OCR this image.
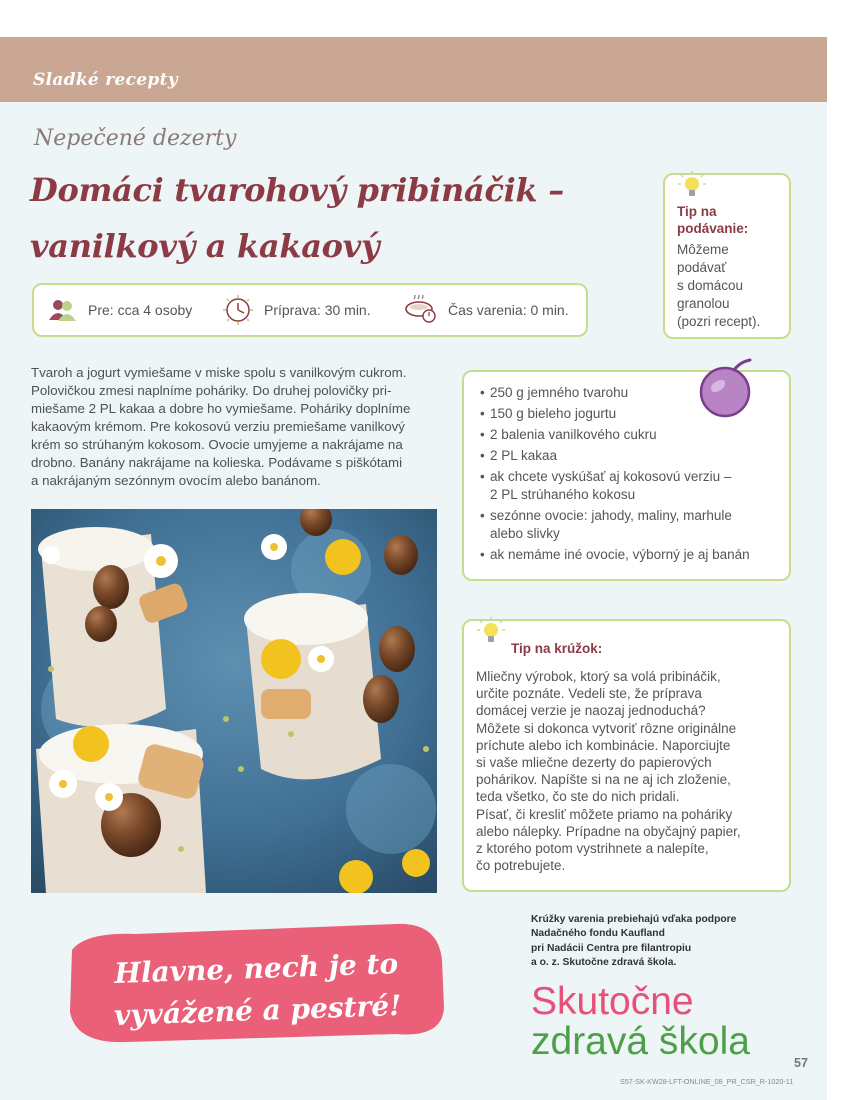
Sladké recepty
Nepečené dezerty
Domáci tvarohový pribináčik –
vanilkový a kakaový
Pre: cca 4 osoby	Príprava: 30 min.	Čas varenia: 0 min.
Tip na podávanie:
Môžeme
podávať
s domácou
granolou
(pozri recept).
Tvaroh a jogurt vymiešame v miske spolu s vanilkovým cukrom.
Polovičkou zmesi naplníme poháriky. Do druhej polovičky pri-
miešame 2 PL kakaa a dobre ho vymiešame. Poháriky doplníme
kakaovým krémom. Pre kokosovú verziu premiešame vanilkový
krém so strúhaným kokosom. Ovocie umyjeme a nakrájame na
drobno. Banány nakrájame na kolieska. Podávame s piškótami
a nakrájaným sezónnym ovocím alebo banánom.
• 250 g jemného tvarohu
• 150 g bieleho jogurtu
• 2 balenia vanilkového cukru
• 2 PL kakaa
• ak chcete vyskúšať aj kokosovú verziu –
2 PL strúhaného kokosu
• sezónne ovocie: jahody, maliny, marhule
alebo slivky
• ak nemáme iné ovocie, výborný je aj banán
Tip na krúžok:
Mliečny výrobok, ktorý sa volá pribináčik,
určite poznáte. Vedeli ste, že príprava
domácej verzie je naozaj jednoduchá?
Môžete si dokonca vytvoriť rôzne originálne
príchute alebo ich kombinácie. Naporciujte
si vaše mliečne dezerty do papierových
pohárikov. Napíšte si na ne aj ich zloženie,
teda všetko, čo ste do nich pridali.
Písať, či kresliť môžete priamo na poháriky
alebo nálepky. Prípadne na obyčajný papier,
z ktorého potom vystrihnete a nalepíte,
čo potrebujete.
Krúžky varenia prebiehajú vďaka podpore
Nadačného fondu Kaufland
pri Nadácii Centra pre filantropiu
a o. z. Skutočne zdravá škola.
Hlavne, nech je to
vyvážené a pestré!	Skutočne
zdravá škola	57
S57-SK-KW28-LFT-ONLINE_08_PR_CSR_R-1020-11
